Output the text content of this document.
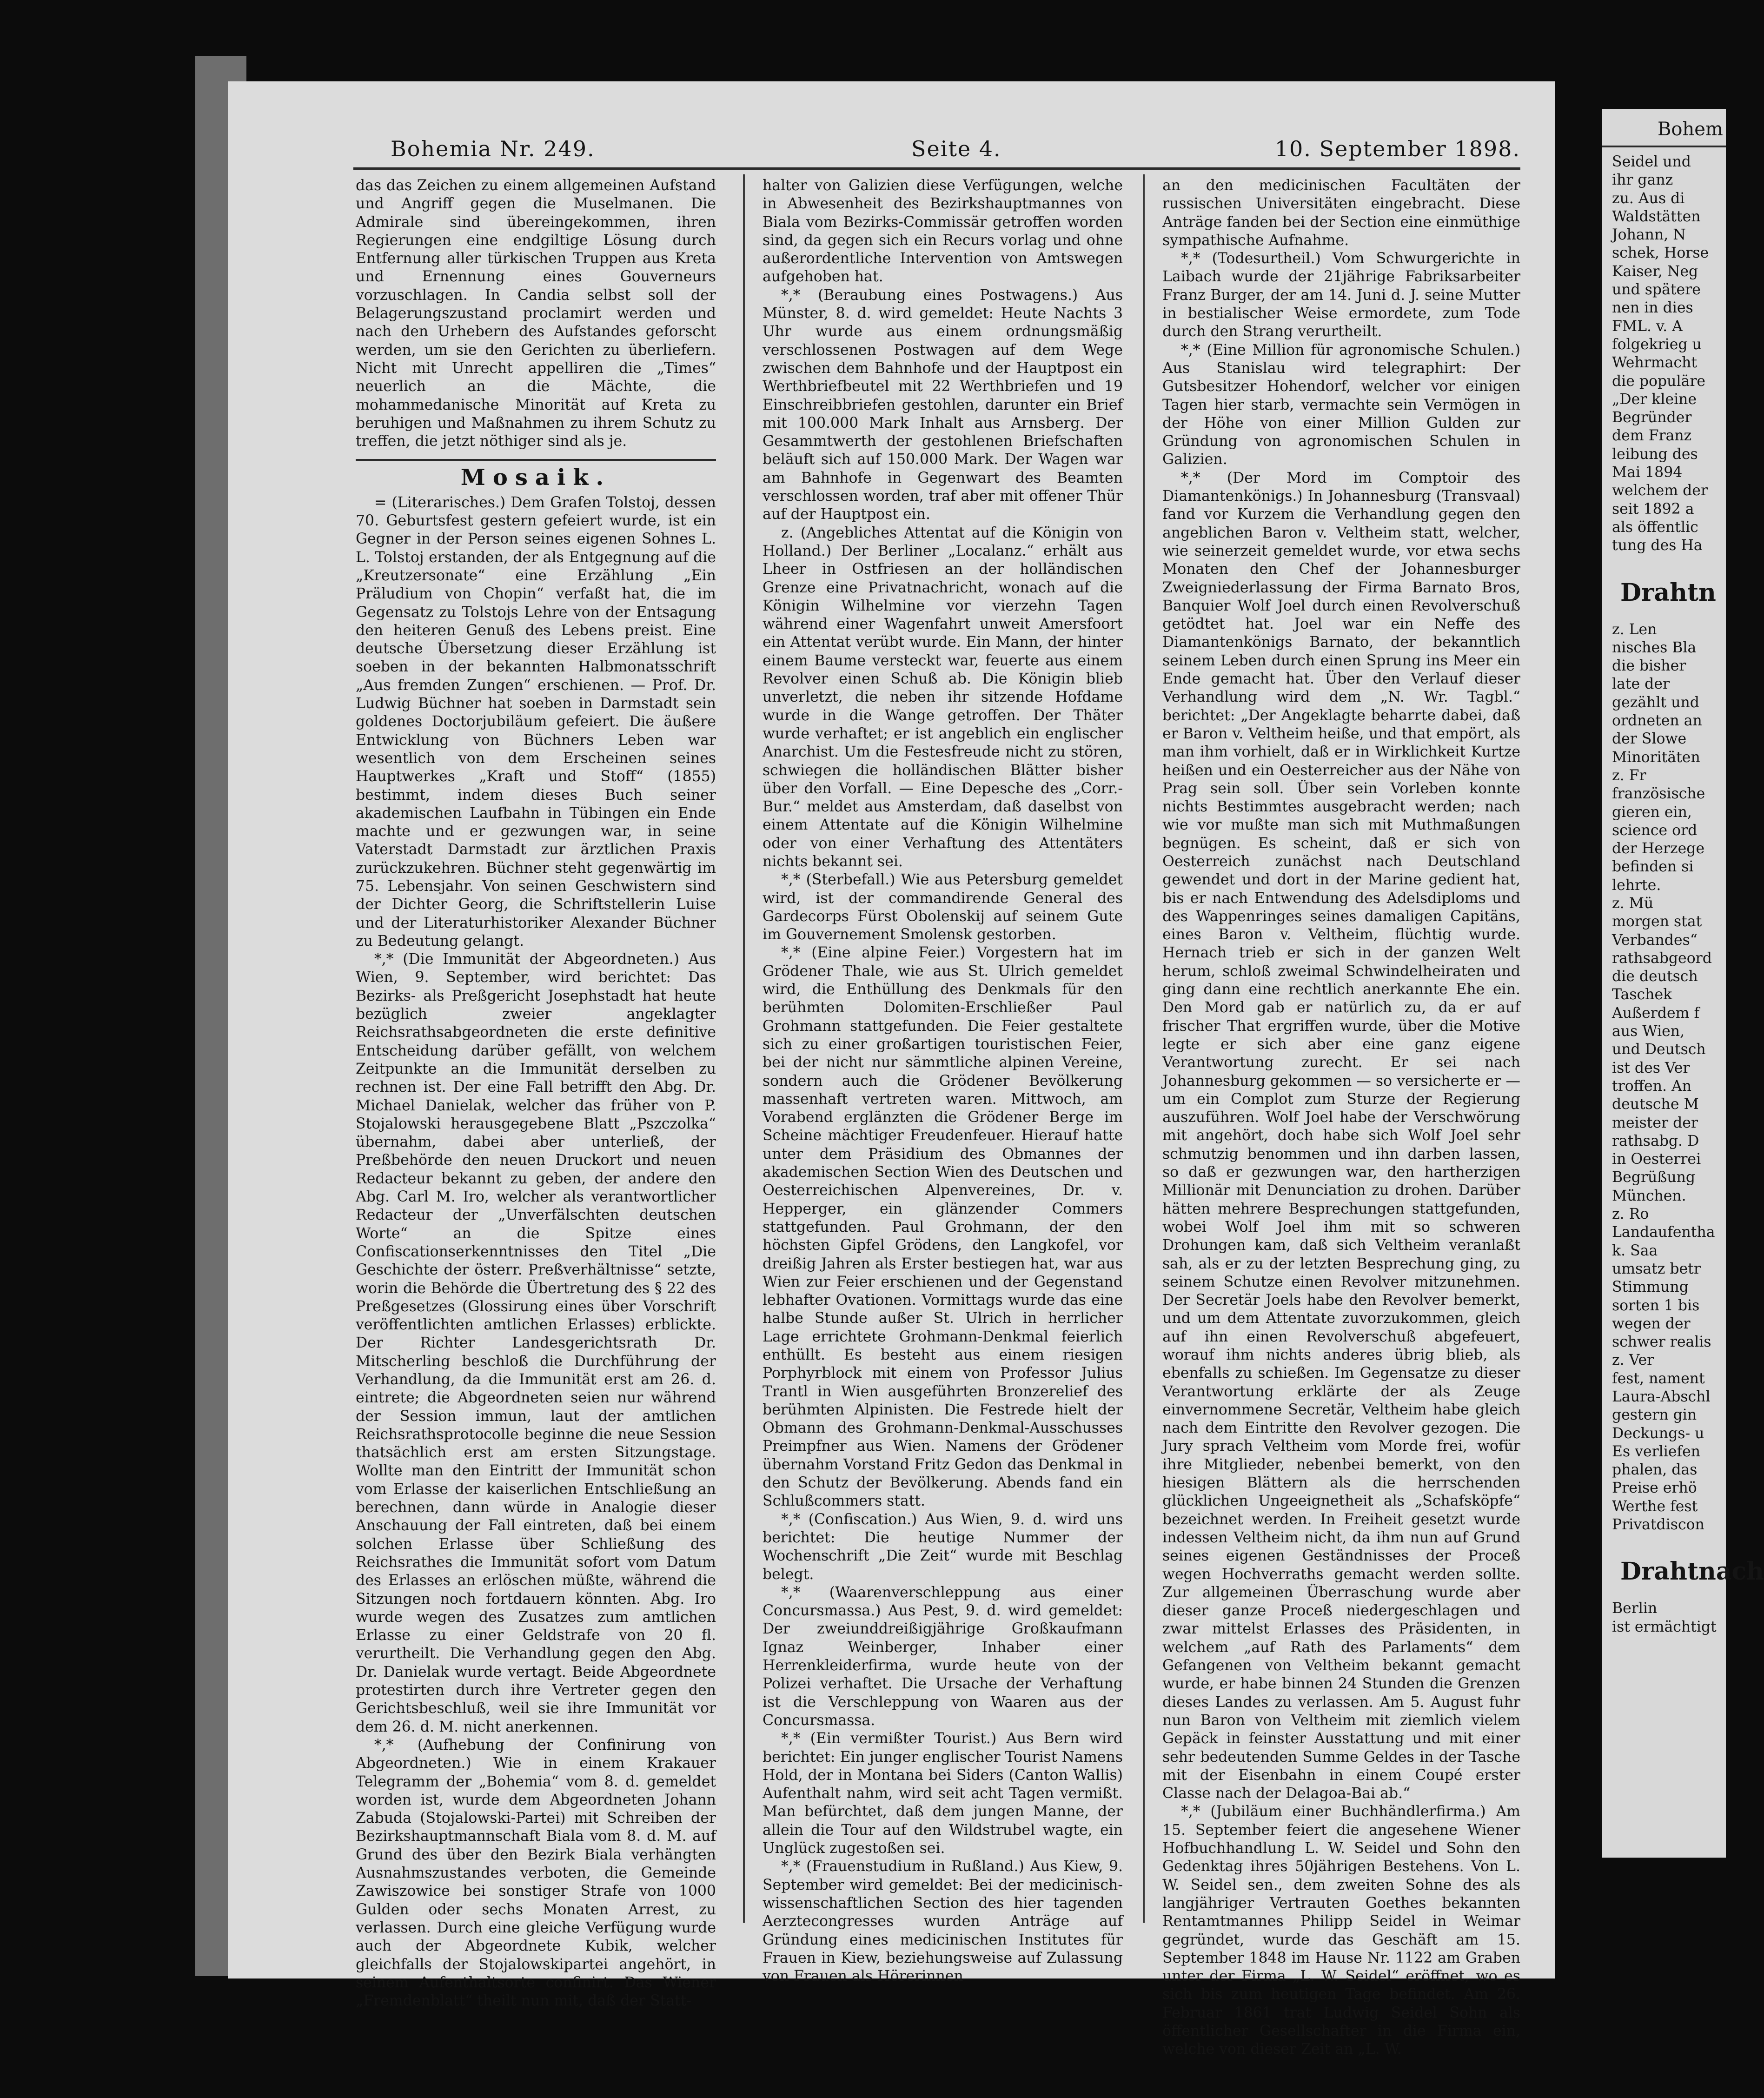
Bohemia Nr. 249.	Seite 4.	10. September 1898.

das das Zeichen zu einem allgemeinen Aufstand und Angriff gegen die Muselmanen. Die Admirale sind übereingekommen, ihren Regierungen eine endgiltige Lösung durch Entfernung aller türkischen Truppen aus Kreta und Ernennung eines Gouverneurs vorzuschlagen. In Candia selbst soll der Belagerungszustand proclamirt werden und nach den Urhebern des Aufstandes geforscht werden, um sie den Gerichten zu überliefern. Nicht mit Unrecht appelliren die „Times“ neuerlich an die Mächte, die mohammedanische Minorität auf Kreta zu beruhigen und Maßnahmen zu ihrem Schutz zu treffen, die jetzt nöthiger sind als je.

Mosaik.

= (Literarisches.) Dem Grafen Tolstoj, dessen 70. Geburtsfest gestern gefeiert wurde, ist ein Gegner in der Person seines eigenen Sohnes L. L. Tolstoj erstanden, der als Entgegnung auf die „Kreutzersonate“ eine Erzählung „Ein Präludium von Chopin“ verfaßt hat, die im Gegensatz zu Tolstojs Lehre von der Entsagung den heiteren Genuß des Lebens preist. Eine deutsche Übersetzung dieser Erzählung ist soeben in der bekannten Halbmonatsschrift „Aus fremden Zungen“ erschienen. — Prof. Dr. Ludwig Büchner hat soeben in Darmstadt sein goldenes Doctorjubiläum gefeiert. Die äußere Entwicklung von Büchners Leben war wesentlich von dem Erscheinen seines Hauptwerkes „Kraft und Stoff“ (1855) bestimmt, indem dieses Buch seiner akademischen Laufbahn in Tübingen ein Ende machte und er gezwungen war, in seine Vaterstadt Darmstadt zur ärztlichen Praxis zurückzukehren. Büchner steht gegenwärtig im 75. Lebensjahr. Von seinen Geschwistern sind der Dichter Georg, die Schriftstellerin Luise und der Literaturhistoriker Alexander Büchner zu Bedeutung gelangt.

*,* (Die Immunität der Abgeordneten.) Aus Wien, 9. September, wird berichtet: Das Bezirks- als Preßgericht Josephstadt hat heute bezüglich zweier angeklagter Reichsrathsabgeordneten die erste definitive Entscheidung darüber gefällt, von welchem Zeitpunkte an die Immunität derselben zu rechnen ist. Der eine Fall betrifft den Abg. Dr. Michael Danielak, welcher das früher von P. Stojalowski herausgegebene Blatt „Pszczolka“ übernahm, dabei aber unterließ, der Preßbehörde den neuen Druckort und neuen Redacteur bekannt zu geben, der andere den Abg. Carl M. Iro, welcher als verantwortlicher Redacteur der „Unverfälschten deutschen Worte“ an die Spitze eines Confiscationserkenntnisses den Titel „Die Geschichte der österr. Preßverhältnisse“ setzte, worin die Behörde die Übertretung des § 22 des Preßgesetzes (Glossirung eines über Vorschrift veröffentlichten amtlichen Erlasses) erblickte. Der Richter Landesgerichtsrath Dr. Mitscherling beschloß die Durchführung der Verhandlung, da die Immunität erst am 26. d. eintrete; die Abgeordneten seien nur während der Session immun, laut der amtlichen Reichsrathsprotocolle beginne die neue Session thatsächlich erst am ersten Sitzungstage. Wollte man den Eintritt der Immunität schon vom Erlasse der kaiserlichen Entschließung an berechnen, dann würde in Analogie dieser Anschauung der Fall eintreten, daß bei einem solchen Erlasse über Schließung des Reichsrathes die Immunität sofort vom Datum des Erlasses an erlöschen müßte, während die Sitzungen noch fortdauern könnten. Abg. Iro wurde wegen des Zusatzes zum amtlichen Erlasse zu einer Geldstrafe von 20 fl. verurtheilt. Die Verhandlung gegen den Abg. Dr. Danielak wurde vertagt. Beide Abgeordnete protestirten durch ihre Vertreter gegen den Gerichtsbeschluß, weil sie ihre Immunität vor dem 26. d. M. nicht anerkennen.

*,* (Aufhebung der Confinirung von Abgeordneten.) Wie in einem Krakauer Telegramm der „Bohemia“ vom 8. d. gemeldet worden ist, wurde dem Abgeordneten Johann Zabuda (Stojalowski-Partei) mit Schreiben der Bezirkshauptmannschaft Biala vom 8. d. M. auf Grund des über den Bezirk Biala verhängten Ausnahmszustandes verboten, die Gemeinde Zawiszowice bei sonstiger Strafe von 1000 Gulden oder sechs Monaten Arrest, zu verlassen. Durch eine gleiche Verfügung wurde auch der Abgeordnete Kubik, welcher gleichfalls der Stojalowskipartei angehört, in seinem Aufenthaltsorte confinirt. Das Wiener „Fremdenblatt“ theilt nun mit, daß der Statt-

halter von Galizien diese Verfügungen, welche in Abwesenheit des Bezirkshauptmannes von Biala vom Bezirks-Commissär getroffen worden sind, da gegen sich ein Recurs vorlag und ohne außerordentliche Intervention von Amtswegen aufgehoben hat.

*,* (Beraubung eines Postwagens.) Aus Münster, 8. d. wird gemeldet: Heute Nachts 3 Uhr wurde aus einem ordnungsmäßig verschlossenen Postwagen auf dem Wege zwischen dem Bahnhofe und der Hauptpost ein Werthbriefbeutel mit 22 Werthbriefen und 19 Einschreibbriefen gestohlen, darunter ein Brief mit 100.000 Mark Inhalt aus Arnsberg. Der Gesammtwerth der gestohlenen Briefschaften beläuft sich auf 150.000 Mark. Der Wagen war am Bahnhofe in Gegenwart des Beamten verschlossen worden, traf aber mit offener Thür auf der Hauptpost ein.

z. (Angebliches Attentat auf die Königin von Holland.) Der Berliner „Localanz.“ erhält aus Lheer in Ostfriesen an der holländischen Grenze eine Privatnachricht, wonach auf die Königin Wilhelmine vor vierzehn Tagen während einer Wagenfahrt unweit Amersfoort ein Attentat verübt wurde. Ein Mann, der hinter einem Baume versteckt war, feuerte aus einem Revolver einen Schuß ab. Die Königin blieb unverletzt, die neben ihr sitzende Hofdame wurde in die Wange getroffen. Der Thäter wurde verhaftet; er ist angeblich ein englischer Anarchist. Um die Festesfreude nicht zu stören, schwiegen die holländischen Blätter bisher über den Vorfall. — Eine Depesche des „Corr.-Bur.“ meldet aus Amsterdam, daß daselbst von einem Attentate auf die Königin Wilhelmine oder von einer Verhaftung des Attentäters nichts bekannt sei.

*,* (Sterbefall.) Wie aus Petersburg gemeldet wird, ist der commandirende General des Gardecorps Fürst Obolenskij auf seinem Gute im Gouvernement Smolensk gestorben.

*,* (Eine alpine Feier.) Vorgestern hat im Grödener Thale, wie aus St. Ulrich gemeldet wird, die Enthüllung des Denkmals für den berühmten Dolomiten-Erschließer Paul Grohmann stattgefunden. Die Feier gestaltete sich zu einer großartigen touristischen Feier, bei der nicht nur sämmtliche alpinen Vereine, sondern auch die Grödener Bevölkerung massenhaft vertreten waren. Mittwoch, am Vorabend erglänzten die Grödener Berge im Scheine mächtiger Freudenfeuer. Hierauf hatte unter dem Präsidium des Obmannes der akademischen Section Wien des Deutschen und Oesterreichischen Alpenvereines, Dr. v. Hepperger, ein glänzender Commers stattgefunden. Paul Grohmann, der den höchsten Gipfel Grödens, den Langkofel, vor dreißig Jahren als Erster bestiegen hat, war aus Wien zur Feier erschienen und der Gegenstand lebhafter Ovationen. Vormittags wurde das eine halbe Stunde außer St. Ulrich in herrlicher Lage errichtete Grohmann-Denkmal feierlich enthüllt. Es besteht aus einem riesigen Porphyrblock mit einem von Professor Julius Trantl in Wien ausgeführten Bronzerelief des berühmten Alpinisten. Die Festrede hielt der Obmann des Grohmann-Denkmal-Ausschusses Preimpfner aus Wien. Namens der Grödener übernahm Vorstand Fritz Gedon das Denkmal in den Schutz der Bevölkerung. Abends fand ein Schlußcommers statt.

*,* (Confiscation.) Aus Wien, 9. d. wird uns berichtet: Die heutige Nummer der Wochenschrift „Die Zeit“ wurde mit Beschlag belegt.

*,* (Waarenverschleppung aus einer Concursmassa.) Aus Pest, 9. d. wird gemeldet: Der zweiunddreißigjährige Großkaufmann Ignaz Weinberger, Inhaber einer Herrenkleiderfirma, wurde heute von der Polizei verhaftet. Die Ursache der Verhaftung ist die Verschleppung von Waaren aus der Concursmassa.

*,* (Ein vermißter Tourist.) Aus Bern wird berichtet: Ein junger englischer Tourist Namens Hold, der in Montana bei Siders (Canton Wallis) Aufenthalt nahm, wird seit acht Tagen vermißt. Man befürchtet, daß dem jungen Manne, der allein die Tour auf den Wildstrubel wagte, ein Unglück zugestoßen sei.

*,* (Frauenstudium in Rußland.) Aus Kiew, 9. September wird gemeldet: Bei der medicinisch-wissenschaftlichen Section des hier tagenden Aerztecongresses wurden Anträge auf Gründung eines medicinischen Institutes für Frauen in Kiew, beziehungsweise auf Zulassung von Frauen als Hörerinnen

an den medicinischen Facultäten der russischen Universitäten eingebracht. Diese Anträge fanden bei der Section eine einmüthige sympathische Aufnahme.

*,* (Todesurtheil.) Vom Schwurgerichte in Laibach wurde der 21jährige Fabriksarbeiter Franz Burger, der am 14. Juni d. J. seine Mutter in bestialischer Weise ermordete, zum Tode durch den Strang verurtheilt.

*,* (Eine Million für agronomische Schulen.) Aus Stanislau wird telegraphirt: Der Gutsbesitzer Hohendorf, welcher vor einigen Tagen hier starb, vermachte sein Vermögen in der Höhe von einer Million Gulden zur Gründung von agronomischen Schulen in Galizien.

*,* (Der Mord im Comptoir des Diamantenkönigs.) In Johannesburg (Transvaal) fand vor Kurzem die Verhandlung gegen den angeblichen Baron v. Veltheim statt, welcher, wie seinerzeit gemeldet wurde, vor etwa sechs Monaten den Chef der Johannesburger Zweigniederlassung der Firma Barnato Bros, Banquier Wolf Joel durch einen Revolverschuß getödtet hat. Joel war ein Neffe des Diamantenkönigs Barnato, der bekanntlich seinem Leben durch einen Sprung ins Meer ein Ende gemacht hat. Über den Verlauf dieser Verhandlung wird dem „N. Wr. Tagbl.“ berichtet: „Der Angeklagte beharrte dabei, daß er Baron v. Veltheim heiße, und that empört, als man ihm vorhielt, daß er in Wirklichkeit Kurtze heißen und ein Oesterreicher aus der Nähe von Prag sein soll. Über sein Vorleben konnte nichts Bestimmtes ausgebracht werden; nach wie vor mußte man sich mit Muthmaßungen begnügen. Es scheint, daß er sich von Oesterreich zunächst nach Deutschland gewendet und dort in der Marine gedient hat, bis er nach Entwendung des Adelsdiploms und des Wappenringes seines damaligen Capitäns, eines Baron v. Veltheim, flüchtig wurde. Hernach trieb er sich in der ganzen Welt herum, schloß zweimal Schwindelheiraten und ging dann eine rechtlich anerkannte Ehe ein. Den Mord gab er natürlich zu, da er auf frischer That ergriffen wurde, über die Motive legte er sich aber eine ganz eigene Verantwortung zurecht. Er sei nach Johannesburg gekommen — so versicherte er — um ein Complot zum Sturze der Regierung auszuführen. Wolf Joel habe der Verschwörung mit angehört, doch habe sich Wolf Joel sehr schmutzig benommen und ihn darben lassen, so daß er gezwungen war, den hartherzigen Millionär mit Denunciation zu drohen. Darüber hätten mehrere Besprechungen stattgefunden, wobei Wolf Joel ihm mit so schweren Drohungen kam, daß sich Veltheim veranlaßt sah, als er zu der letzten Besprechung ging, zu seinem Schutze einen Revolver mitzunehmen. Der Secretär Joels habe den Revolver bemerkt, und um dem Attentate zuvorzukommen, gleich auf ihn einen Revolverschuß abgefeuert, worauf ihm nichts anderes übrig blieb, als ebenfalls zu schießen. Im Gegensatze zu dieser Verantwortung erklärte der als Zeuge einvernommene Secretär, Veltheim habe gleich nach dem Eintritte den Revolver gezogen. Die Jury sprach Veltheim vom Morde frei, wofür ihre Mitglieder, nebenbei bemerkt, von den hiesigen Blättern als die herrschenden glücklichen Ungeeignetheit als „Schafsköpfe“ bezeichnet werden. In Freiheit gesetzt wurde indessen Veltheim nicht, da ihm nun auf Grund seines eigenen Geständnisses der Proceß wegen Hochverraths gemacht werden sollte. Zur allgemeinen Überraschung wurde aber dieser ganze Proceß niedergeschlagen und zwar mittelst Erlasses des Präsidenten, in welchem „auf Rath des Parlaments“ dem Gefangenen von Veltheim bekannt gemacht wurde, er habe binnen 24 Stunden die Grenzen dieses Landes zu verlassen. Am 5. August fuhr nun Baron von Veltheim mit ziemlich vielem Gepäck in feinster Ausstattung und mit einer sehr bedeutenden Summe Geldes in der Tasche mit der Eisenbahn in einem Coupé erster Classe nach der Delagoa-Bai ab.“

*,* (Jubiläum einer Buchhändlerfirma.) Am 15. September feiert die angesehene Wiener Hofbuchhandlung L. W. Seidel und Sohn den Gedenktag ihres 50jährigen Bestehens. Von L. W. Seidel sen., dem zweiten Sohne des als langjähriger Vertrauten Goethes bekannten Rentamtmannes Philipp Seidel in Weimar gegründet, wurde das Geschäft am 15. September 1848 im Hause Nr. 1122 am Graben unter der Firma „L. W. Seidel“ eröffnet, wo es sich bis zum heutigen Tage befindet. Am 26. Februar 1861 trat Ludwig Seidel Sohn als öffentlicher Gesellschafter in die Firma ein, welche von dieser Zeit an „L. W.

Bohem

Seidel und

ihr ganz

zu. Aus di

Waldstätten

Johann, N

schek, Horse

Kaiser, Neg

und spätere

nen in dies

FML. v. A

folgekrieg u

Wehrmacht

die populäre

„Der kleine

Begründer

dem Franz

leibung des

Mai 1894

welchem der

seit 1892 a

als öffentlic

tung des Ha

Drahtn

z. Len

nisches Bla

die bisher

late der

gezählt und

ordneten an

der Slowe

Minoritäten

z. Fr

französische

gieren ein,

science ord

der Herzege

befinden si

lehrte.

z. Mü

morgen stat

Verbandes“

rathsabgeord

die deutsch

Taschek

Außerdem f

aus Wien,

und Deutsch

ist des Ver

troffen. An

deutsche M

meister der

rathsabg. D

in Oesterrei

Begrüßung

München.

z. Ro

Landaufentha

k. Saa

umsatz betr

Stimmung

sorten 1 bis

wegen der

schwer realis

z. Ver

fest, nament

Laura-Abschl

gestern gin

Deckungs- u

Es verliefen

phalen, das

Preise erhö

Werthe fest

Privatdiscon

Drahtnach

Berlin

ist ermächtigt
